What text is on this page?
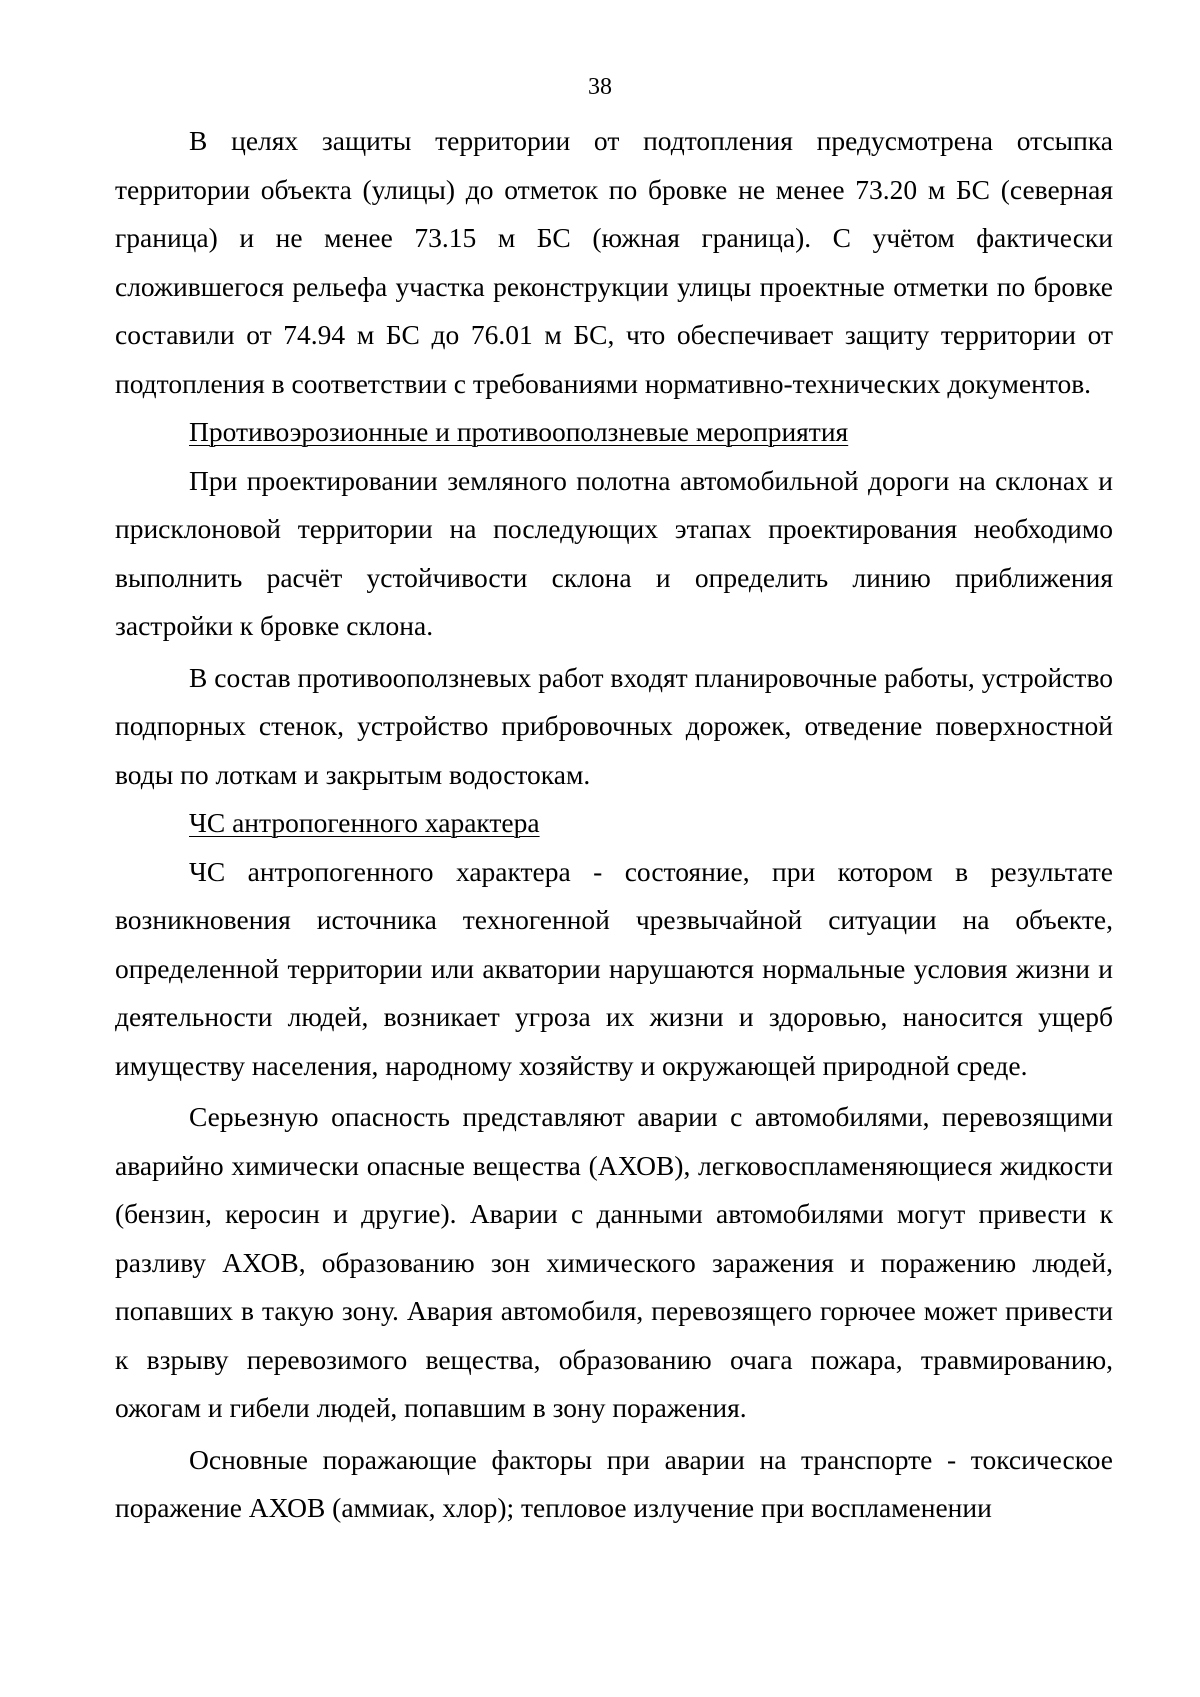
38

В целях защиты территории от подтопления предусмотрена отсыпка территории объекта (улицы) до отметок по бровке не менее 73.20 м БС (северная граница) и не менее 73.15 м БС (южная граница). С учётом фактически сложившегося рельефа участка реконструкции улицы проектные отметки по бровке составили от 74.94 м БС до 76.01 м БС, что обеспечивает защиту территории от подтопления в соответствии с требованиями нормативно-технических документов.

Противоэрозионные и противооползневые мероприятия

При проектировании земляного полотна автомобильной дороги на склонах и присклоновой территории на последующих этапах проектирования необходимо выполнить расчёт устойчивости склона и определить линию приближения застройки к бровке склона.

В состав противооползневых работ входят планировочные работы, устройство подпорных стенок, устройство прибровочных дорожек, отведение поверхностной воды по лоткам и закрытым водостокам.

ЧС антропогенного характера

ЧС антропогенного характера - состояние, при котором в результате возникновения источника техногенной чрезвычайной ситуации на объекте, определенной территории или акватории нарушаются нормальные условия жизни и деятельности людей, возникает угроза их жизни и здоровью, наносится ущерб имуществу населения, народному хозяйству и окружающей природной среде.

Серьезную опасность представляют аварии с автомобилями, перевозящими аварийно химически опасные вещества (АХОВ), легковоспламеняющиеся жидкости (бензин, керосин и другие). Аварии с данными автомобилями могут привести к разливу АХОВ, образованию зон химического заражения и поражению людей, попавших в такую зону. Авария автомобиля, перевозящего горючее может привести к взрыву перевозимого вещества, образованию очага пожара, травмированию, ожогам и гибели людей, попавшим в зону поражения.

Основные поражающие факторы при аварии на транспорте - токсическое поражение АХОВ (аммиак, хлор); тепловое излучение при воспламенении
